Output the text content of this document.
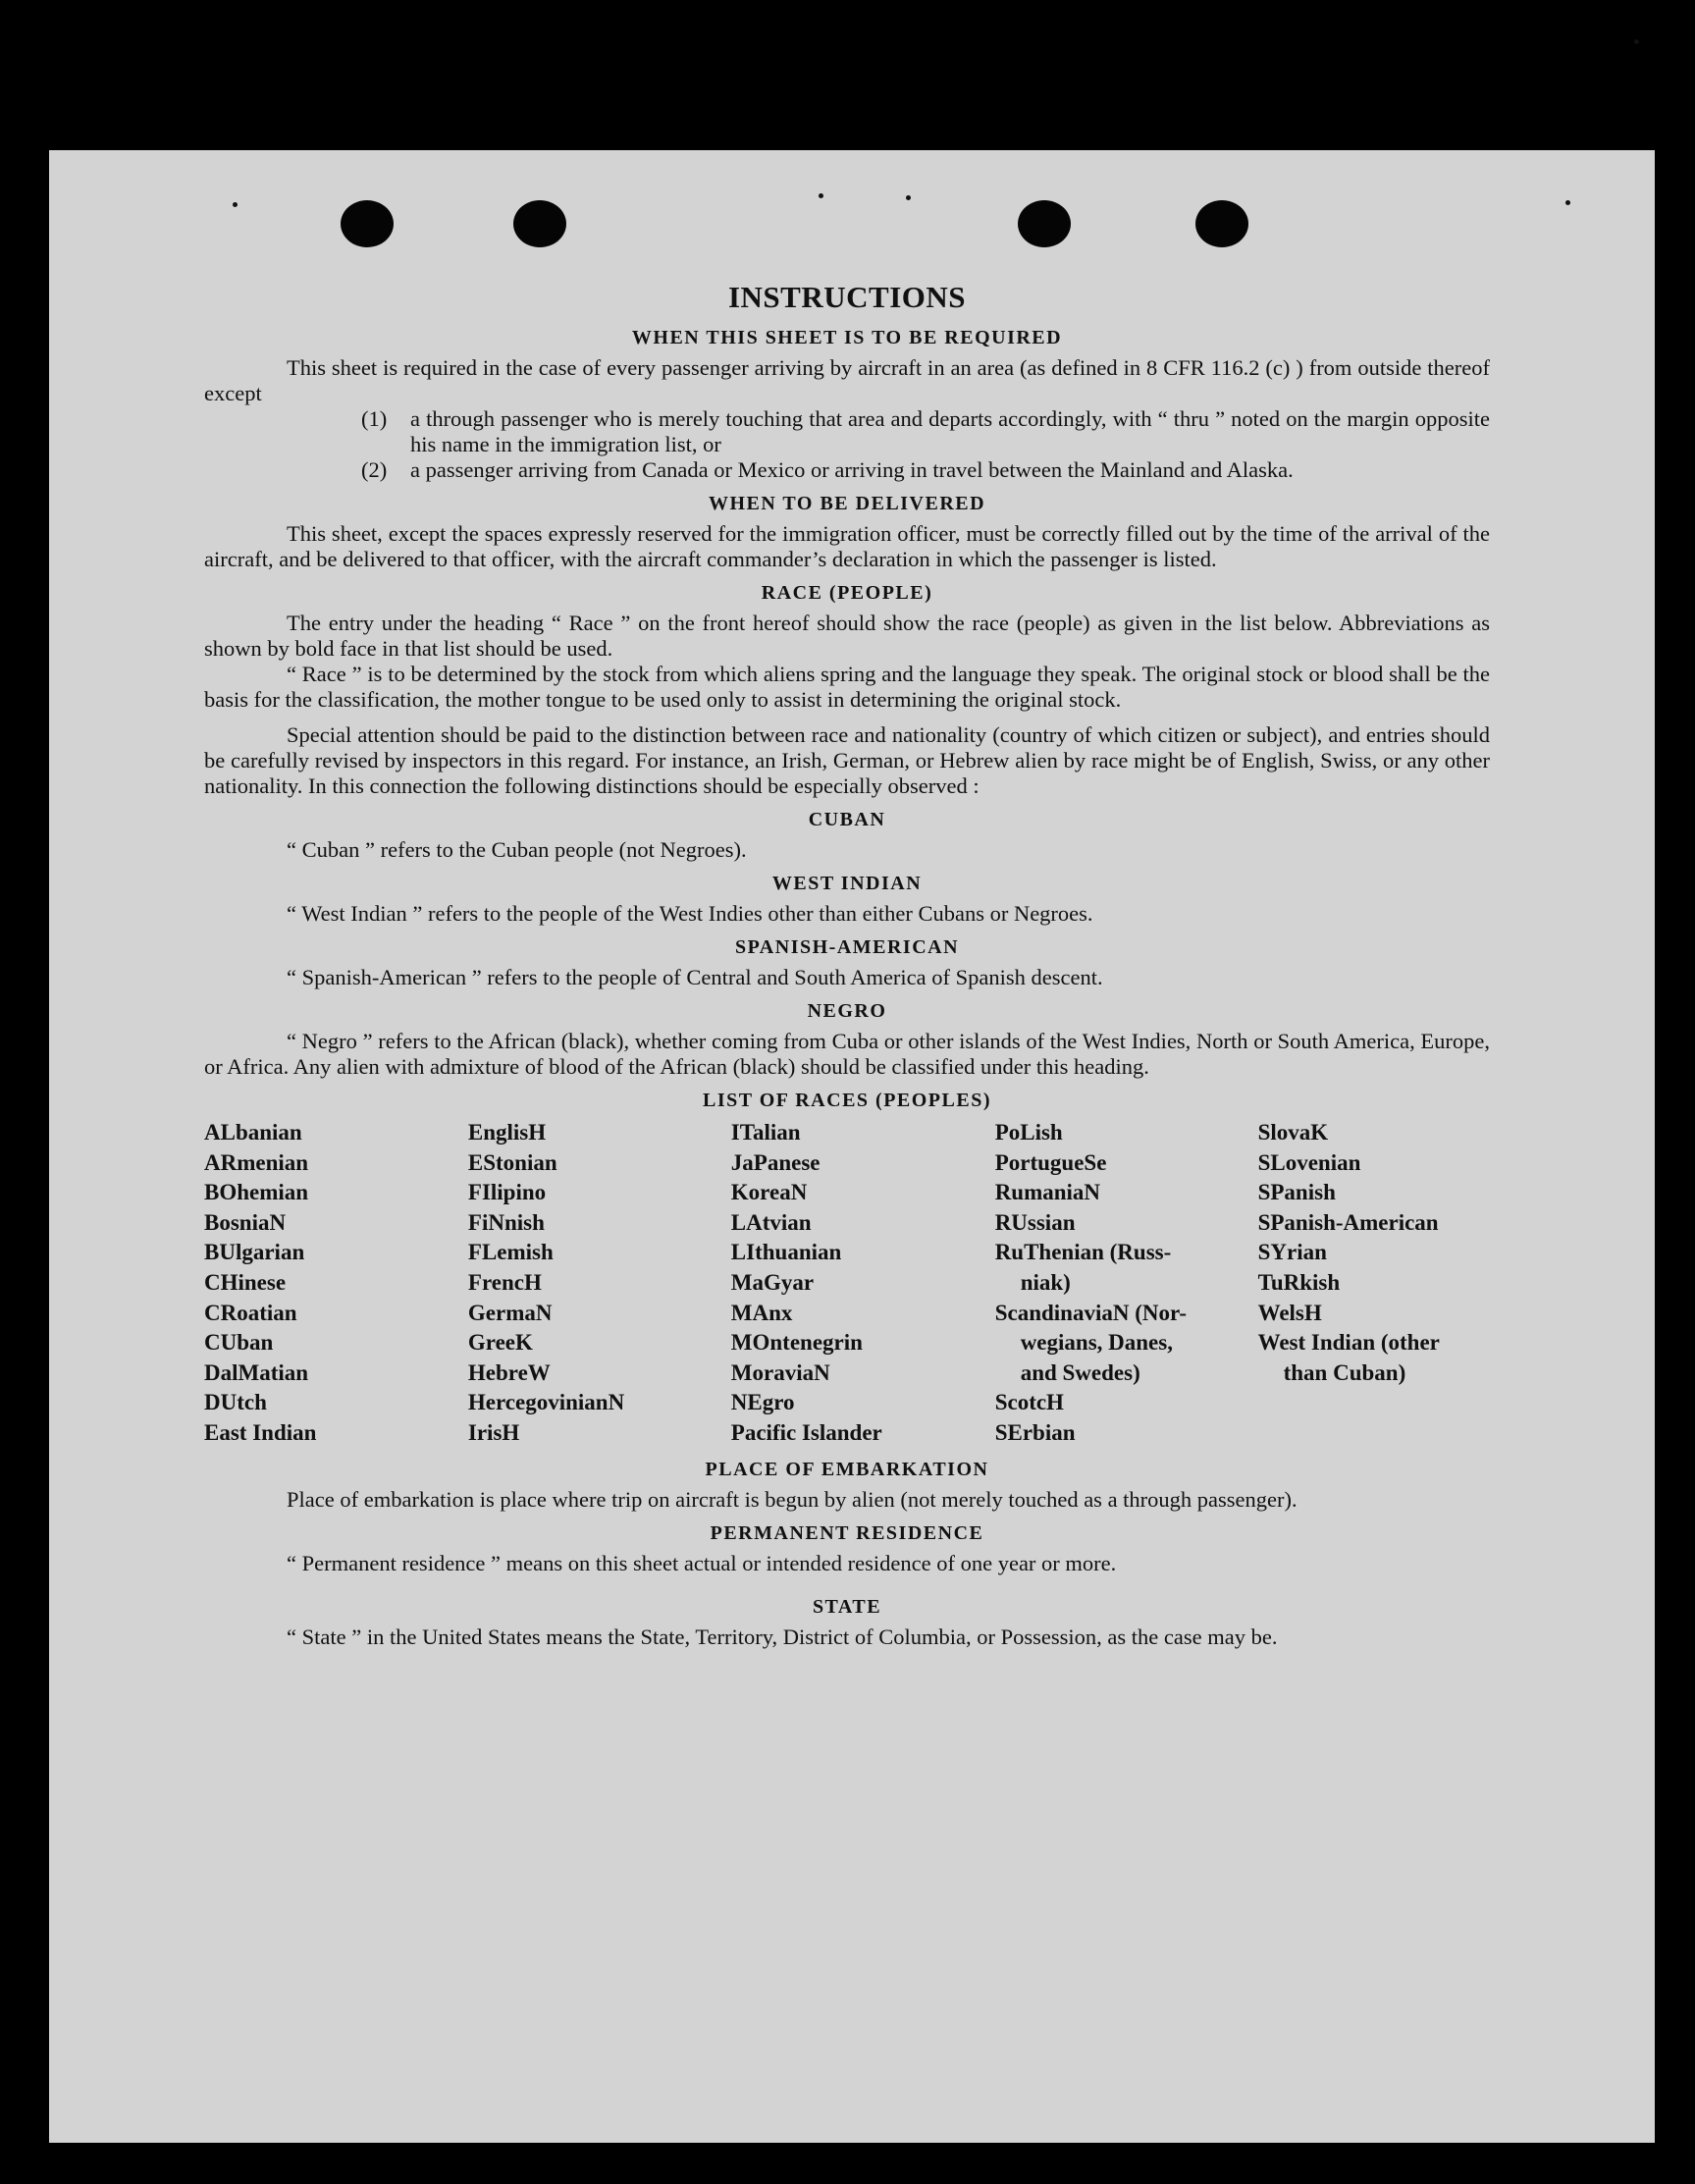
INSTRUCTIONS
WHEN THIS SHEET IS TO BE REQUIRED

This sheet is required in the case of every passenger arriving by aircraft in an area (as defined in 8 CFR 116.2 (c) ) from outside thereof except

(1)	a through passenger who is merely touching that area and departs accordingly, with “ thru ” noted on the margin opposite his name in the immigration list, or
(2)	a passenger arriving from Canada or Mexico or arriving in travel between the Mainland and Alaska.
WHEN TO BE DELIVERED

This sheet, except the spaces expressly reserved for the immigration officer, must be correctly filled out by the time of the arrival of the aircraft, and be delivered to that officer, with the aircraft commander’s declaration in which the passenger is listed.

RACE (PEOPLE)

The entry under the heading “ Race ” on the front hereof should show the race (people) as given in the list below. Abbreviations as shown by bold face in that list should be used.

“ Race ” is to be determined by the stock from which aliens spring and the language they speak. The original stock or blood shall be the basis for the classification, the mother tongue to be used only to assist in determining the original stock.

Special attention should be paid to the distinction between race and nationality (country of which citizen or subject), and entries should be carefully revised by inspectors in this regard. For instance, an Irish, German, or Hebrew alien by race might be of English, Swiss, or any other nationality. In this connection the following distinctions should be especially observed :

CUBAN

“ Cuban ” refers to the Cuban people (not Negroes).

WEST INDIAN

“ West Indian ” refers to the people of the West Indies other than either Cubans or Negroes.

SPANISH-AMERICAN

“ Spanish-American ” refers to the people of Central and South America of Spanish descent.

NEGRO

“ Negro ” refers to the African (black), whether coming from Cuba or other islands of the West Indies, North or South America, Europe, or Africa. Any alien with admixture of blood of the African (black) should be classified under this heading.

LIST OF RACES (PEOPLES)
ALbanian
ARmenian
BOhemian
BosniaN
BUlgarian
CHinese
CRoatian
CUban
DalMatian
DUtch
East Indian
EnglisH
EStonian
FIlipino
FiNnish
FLemish
FrencH
GermaN
GreeK
HebreW
HercegovinianN
IrisH
ITalian
JaPanese
KoreaN
LAtvian
LIthuanian
MaGyar
MAnx
MOntenegrin
MoraviaN
NEgro
Pacific Islander
PoLish
PortugueSe
RumaniaN
RUssian
RuThenian (Russ-
niak)
ScandinaviaN (Nor-
wegians, Danes,
and Swedes)
ScotcH
SErbian
SlovaK
SLovenian
SPanish
SPanish-American
SYrian
TuRkish
WelsH
West Indian (other
than Cuban)
PLACE OF EMBARKATION

Place of embarkation is place where trip on aircraft is begun by alien (not merely touched as a through passenger).

PERMANENT RESIDENCE

“ Permanent residence ” means on this sheet actual or intended residence of one year or more.

STATE

“ State ” in the United States means the State, Territory, District of Columbia, or Possession, as the case may be.
